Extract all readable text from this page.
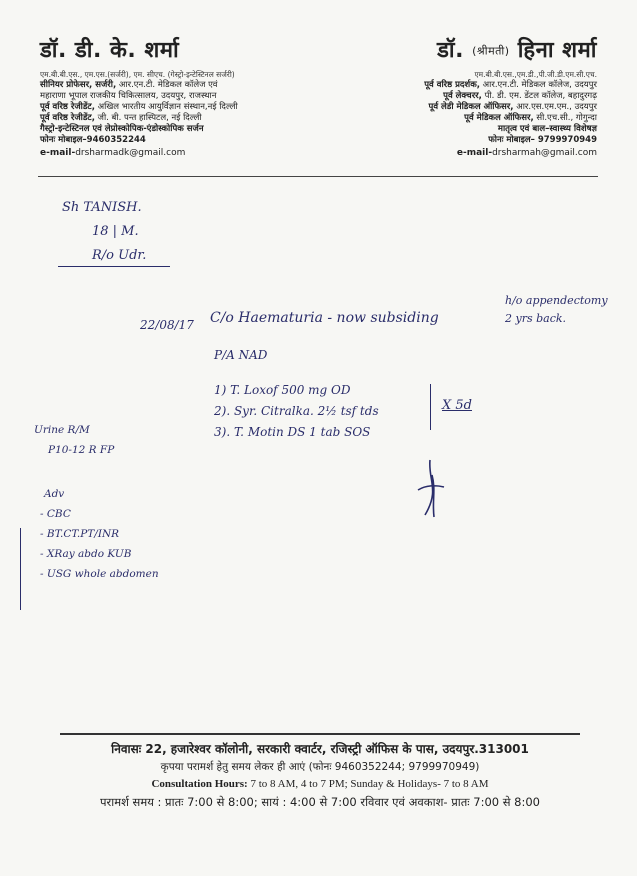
डॉ. डी. के. शर्मा
एम.बी.बी.एस., एम.एस.(सर्जरी), एम. सीएच. (गेस्ट्रो-इन्टेस्टिनल सर्जरी)
सीनियर प्रोफेसर, सर्जरी, आर.एन.टी. मेडिकल कॉलेज एवं
महाराणा भूपाल राजकीय चिकित्सालय, उदयपुर, राजस्थान
पूर्व वरिष्ठ रेजीडेंट, अखिल भारतीय आयुर्विज्ञान संस्थान,नई दिल्ली
पूर्व वरिष्ठ रेजीडेंट, जी. बी. पन्त हास्पिटल, नई दिल्ली
गैस्ट्रो-इन्टेस्टिनल एवं लेप्रोस्कोपिक-एंडोस्कोपिक सर्जन
फोनः मोबाइल–9460352244
e-mail-drsharmadk@gmail.com
डॉ. (श्रीमती) हिना शर्मा
एम.बी.बी.एस.,एम.डी.,पी.जी.डी.एम.सी.एच.
पूर्व वरिष्ठ प्रदर्शक, आर.एन.टी. मेडिकल कॉलेज, उदयपुर
पूर्व लेक्चरर, पी. डी. एम. डेंटल कॉलेज, बहादुरगढ़
पूर्व लेडी मेडिकल ऑफिसर, आर.एस.एम.एम., उदयपुर
पूर्व मेडिकल ऑफिसर, सी.एच.सी., गोगुन्दा
मातृत्व एवं बाल–स्वास्थ्य विशेषज्ञ
फोनः मोबाइल– 9799970949
e-mail-drsharmah@gmail.com
Sh TANISH.
18 | M.
R/o Udr.
h/o appendectomy
2 yrs back.
22/08/17 C/o Haematuria - now subsiding
P/A NAD
1) T. Loxof 500 mg OD
2). Syr. Citralka. 2½ tsf tds
3). T. Motin DS 1 tab SOS
X 5d
Urine R/M
P10-12 R FP
Adv
- CBC
- BT.CT.PT/INR
- XRay abdo KUB
- USG whole abdomen
निवासः 22, हजारेश्वर कॉलोनी, सरकारी क्वार्टर, रजिस्ट्री ऑफिस के पास, उदयपुर.313001
कृपया परामर्श हेतु समय लेकर ही आएं (फोनः 9460352244; 9799970949)
Consultation Hours: 7 to 8 AM, 4 to 7 PM; Sunday & Holidays- 7 to 8 AM
परामर्श समय : प्रातः 7:00 से 8:00; सायं : 4:00 से 7:00 रविवार एवं अवकाश- प्रातः 7:00 से 8:00
